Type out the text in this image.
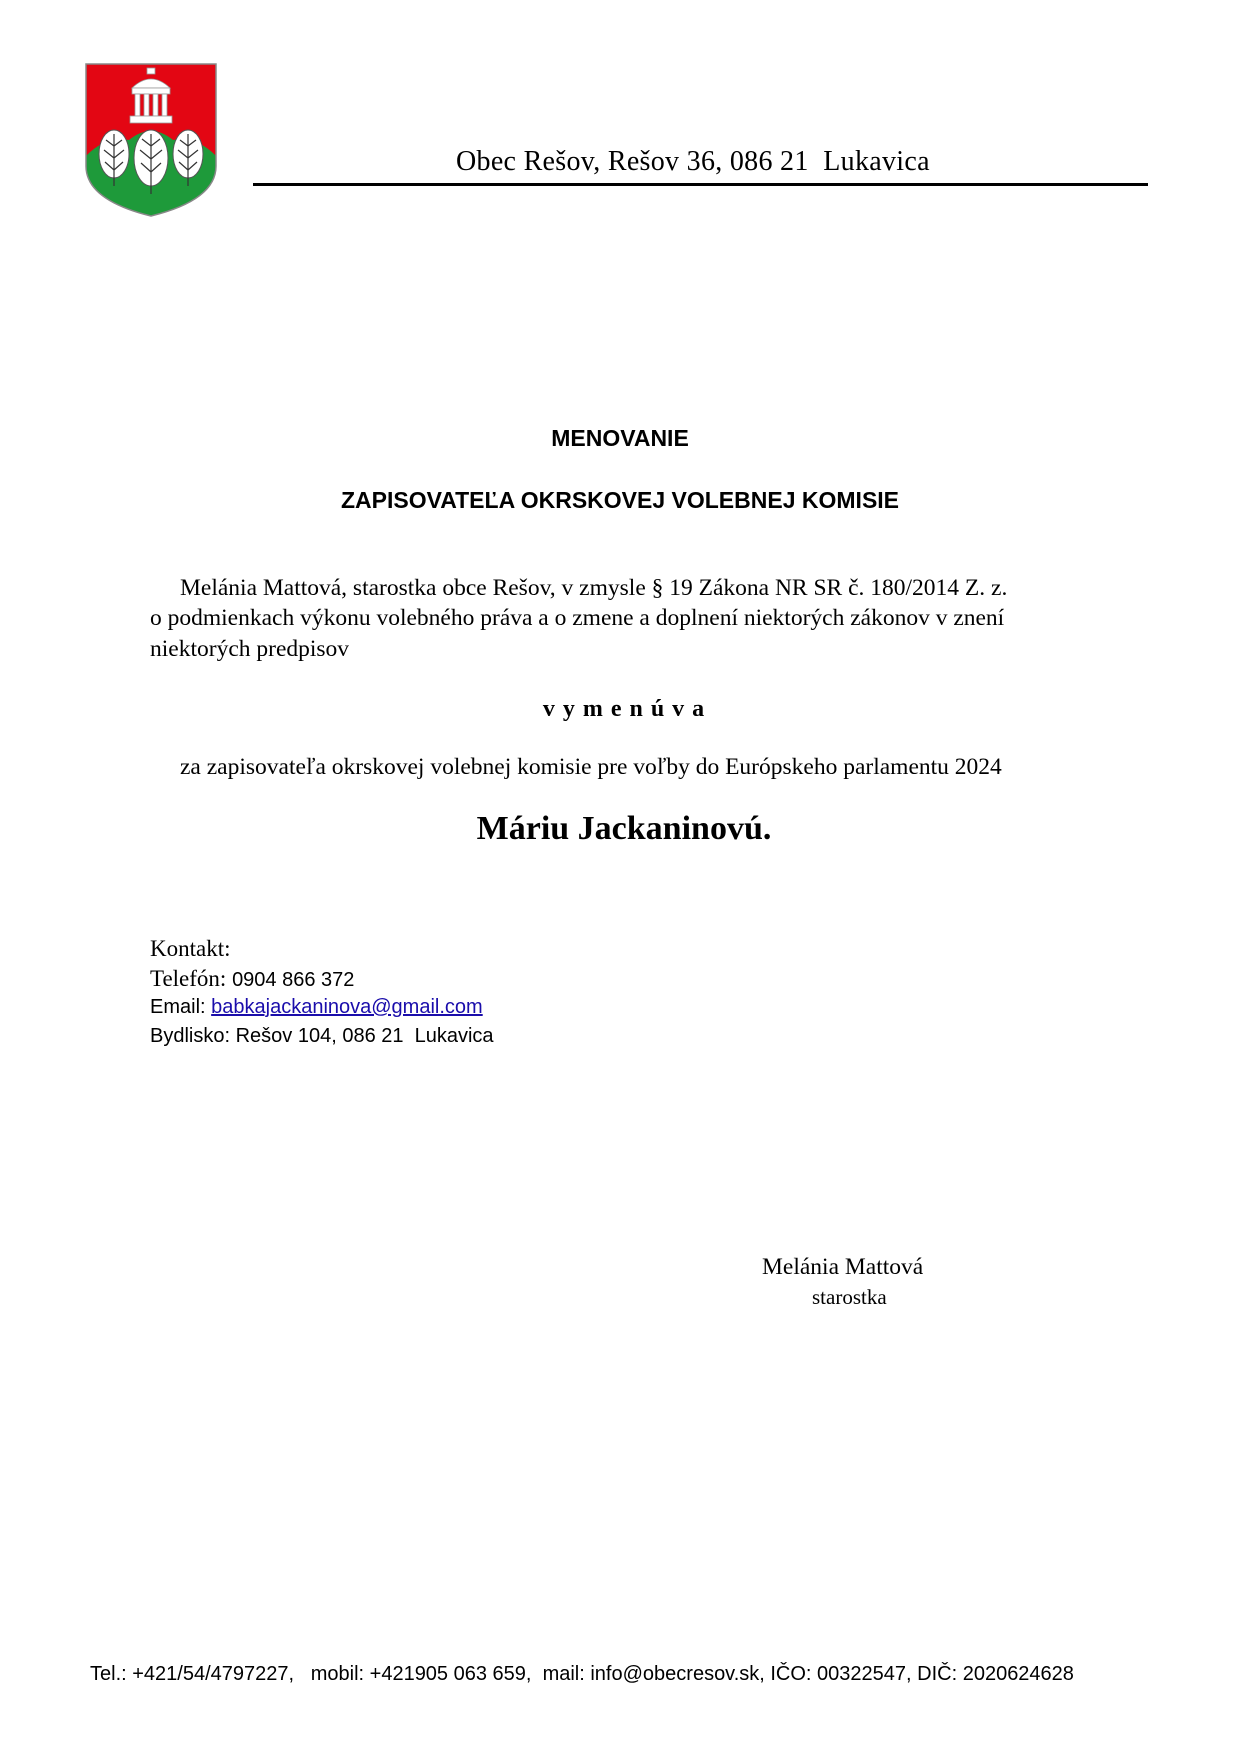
Obec Rešov, Rešov 36, 086 21  Lukavica
MENOVANIE
ZAPISOVATEĽA OKRSKOVEJ VOLEBNEJ KOMISIE
Melánia Mattová, starostka obce Rešov, v zmysle § 19 Zákona NR SR č. 180/2014 Z. z.
o podmienkach výkonu volebného práva a o zmene a doplnení niektorých zákonov v znení
niektorých predpisov
vymenúva
za zapisovateľa okrskovej volebnej komisie pre voľby do Európskeho parlamentu 2024
Máriu Jackaninovú.
Kontakt:
Telefón: 0904 866 372
Email: babkajackaninova@gmail.com
Bydlisko: Rešov 104, 086 21  Lukavica
Melánia Mattová
starostka
Tel.: +421/54/4797227,   mobil: +421905 063 659,  mail: info@obecresov.sk, IČO: 00322547, DIČ: 2020624628
